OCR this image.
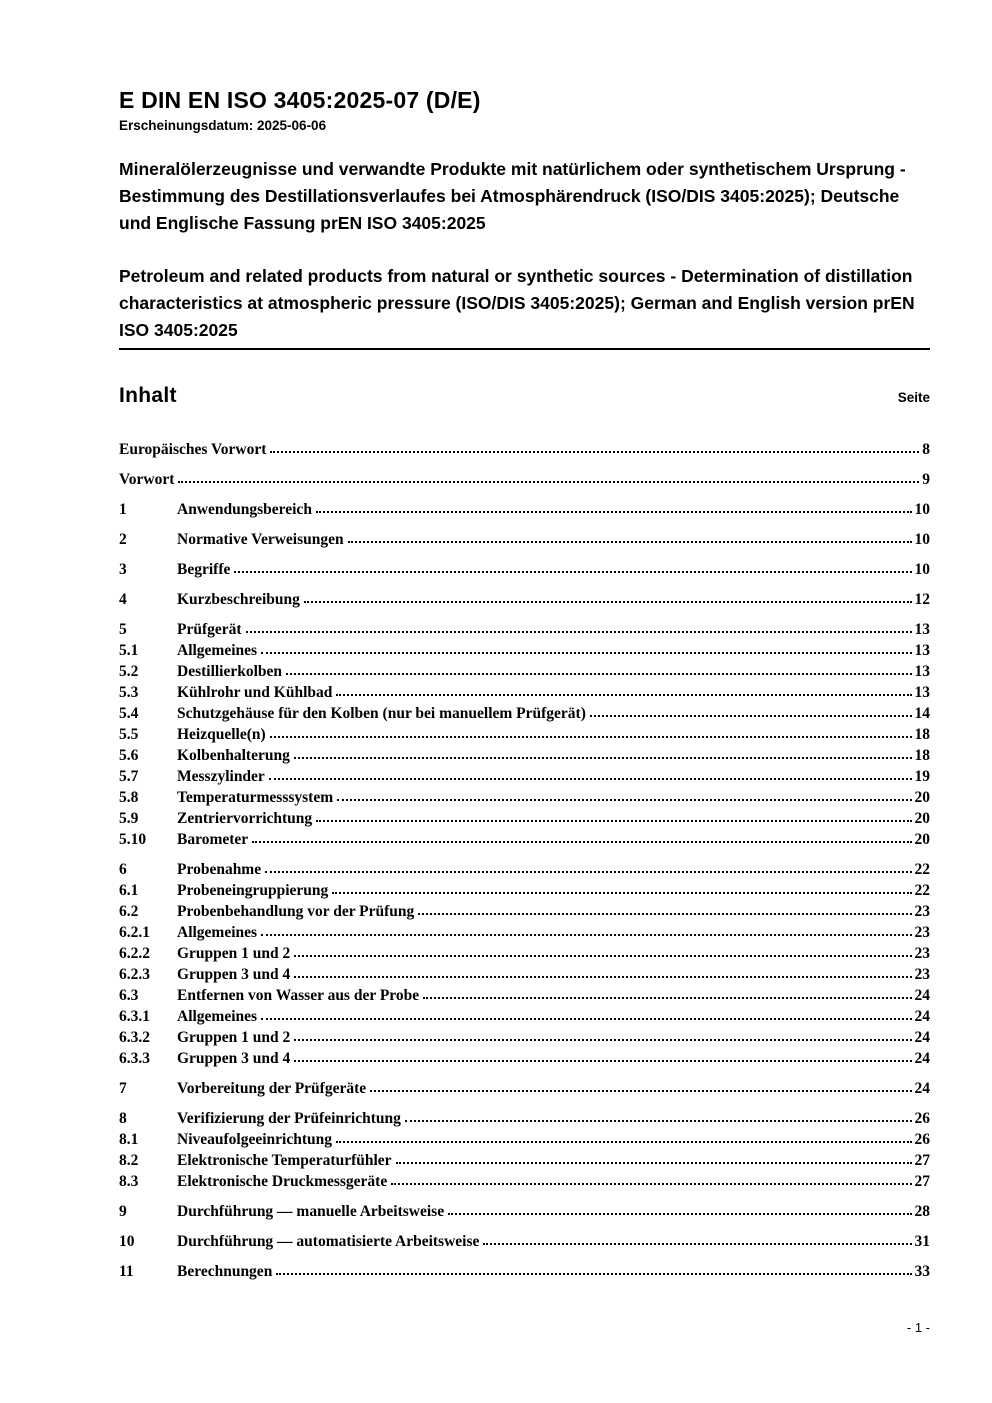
E DIN EN ISO 3405:2025-07 (D/E)
Erscheinungsdatum: 2025-06-06
Mineralölerzeugnisse und verwandte Produkte mit natürlichem oder synthetischem Ursprung - Bestimmung des Destillationsverlaufes bei Atmosphärendruck (ISO/DIS 3405:2025); Deutsche und Englische Fassung prEN ISO 3405:2025
Petroleum and related products from natural or synthetic sources - Determination of distillation characteristics at atmospheric pressure (ISO/DIS 3405:2025); German and English version prEN ISO 3405:2025
Inhalt	Seite
Europäisches Vorwort	8
Vorwort	9
1	Anwendungsbereich	10
2	Normative Verweisungen	10
3	Begriffe	10
4	Kurzbeschreibung	12
5	Prüfgerät	13
5.1	Allgemeines	13
5.2	Destillierkolben	13
5.3	Kühlrohr und Kühlbad	13
5.4	Schutzgehäuse für den Kolben (nur bei manuellem Prüfgerät)	14
5.5	Heizquelle(n)	18
5.6	Kolbenhalterung	18
5.7	Messzylinder	19
5.8	Temperaturmesssystem	20
5.9	Zentriervorrichtung	20
5.10	Barometer	20
6	Probenahme	22
6.1	Probeneingruppierung	22
6.2	Probenbehandlung vor der Prüfung	23
6.2.1	Allgemeines	23
6.2.2	Gruppen 1 und 2	23
6.2.3	Gruppen 3 und 4	23
6.3	Entfernen von Wasser aus der Probe	24
6.3.1	Allgemeines	24
6.3.2	Gruppen 1 und 2	24
6.3.3	Gruppen 3 und 4	24
7	Vorbereitung der Prüfgeräte	24
8	Verifizierung der Prüfeinrichtung	26
8.1	Niveaufolgeeinrichtung	26
8.2	Elektronische Temperaturfühler	27
8.3	Elektronische Druckmessgeräte	27
9	Durchführung — manuelle Arbeitsweise	28
10	Durchführung — automatisierte Arbeitsweise	31
11	Berechnungen	33
- 1 -
